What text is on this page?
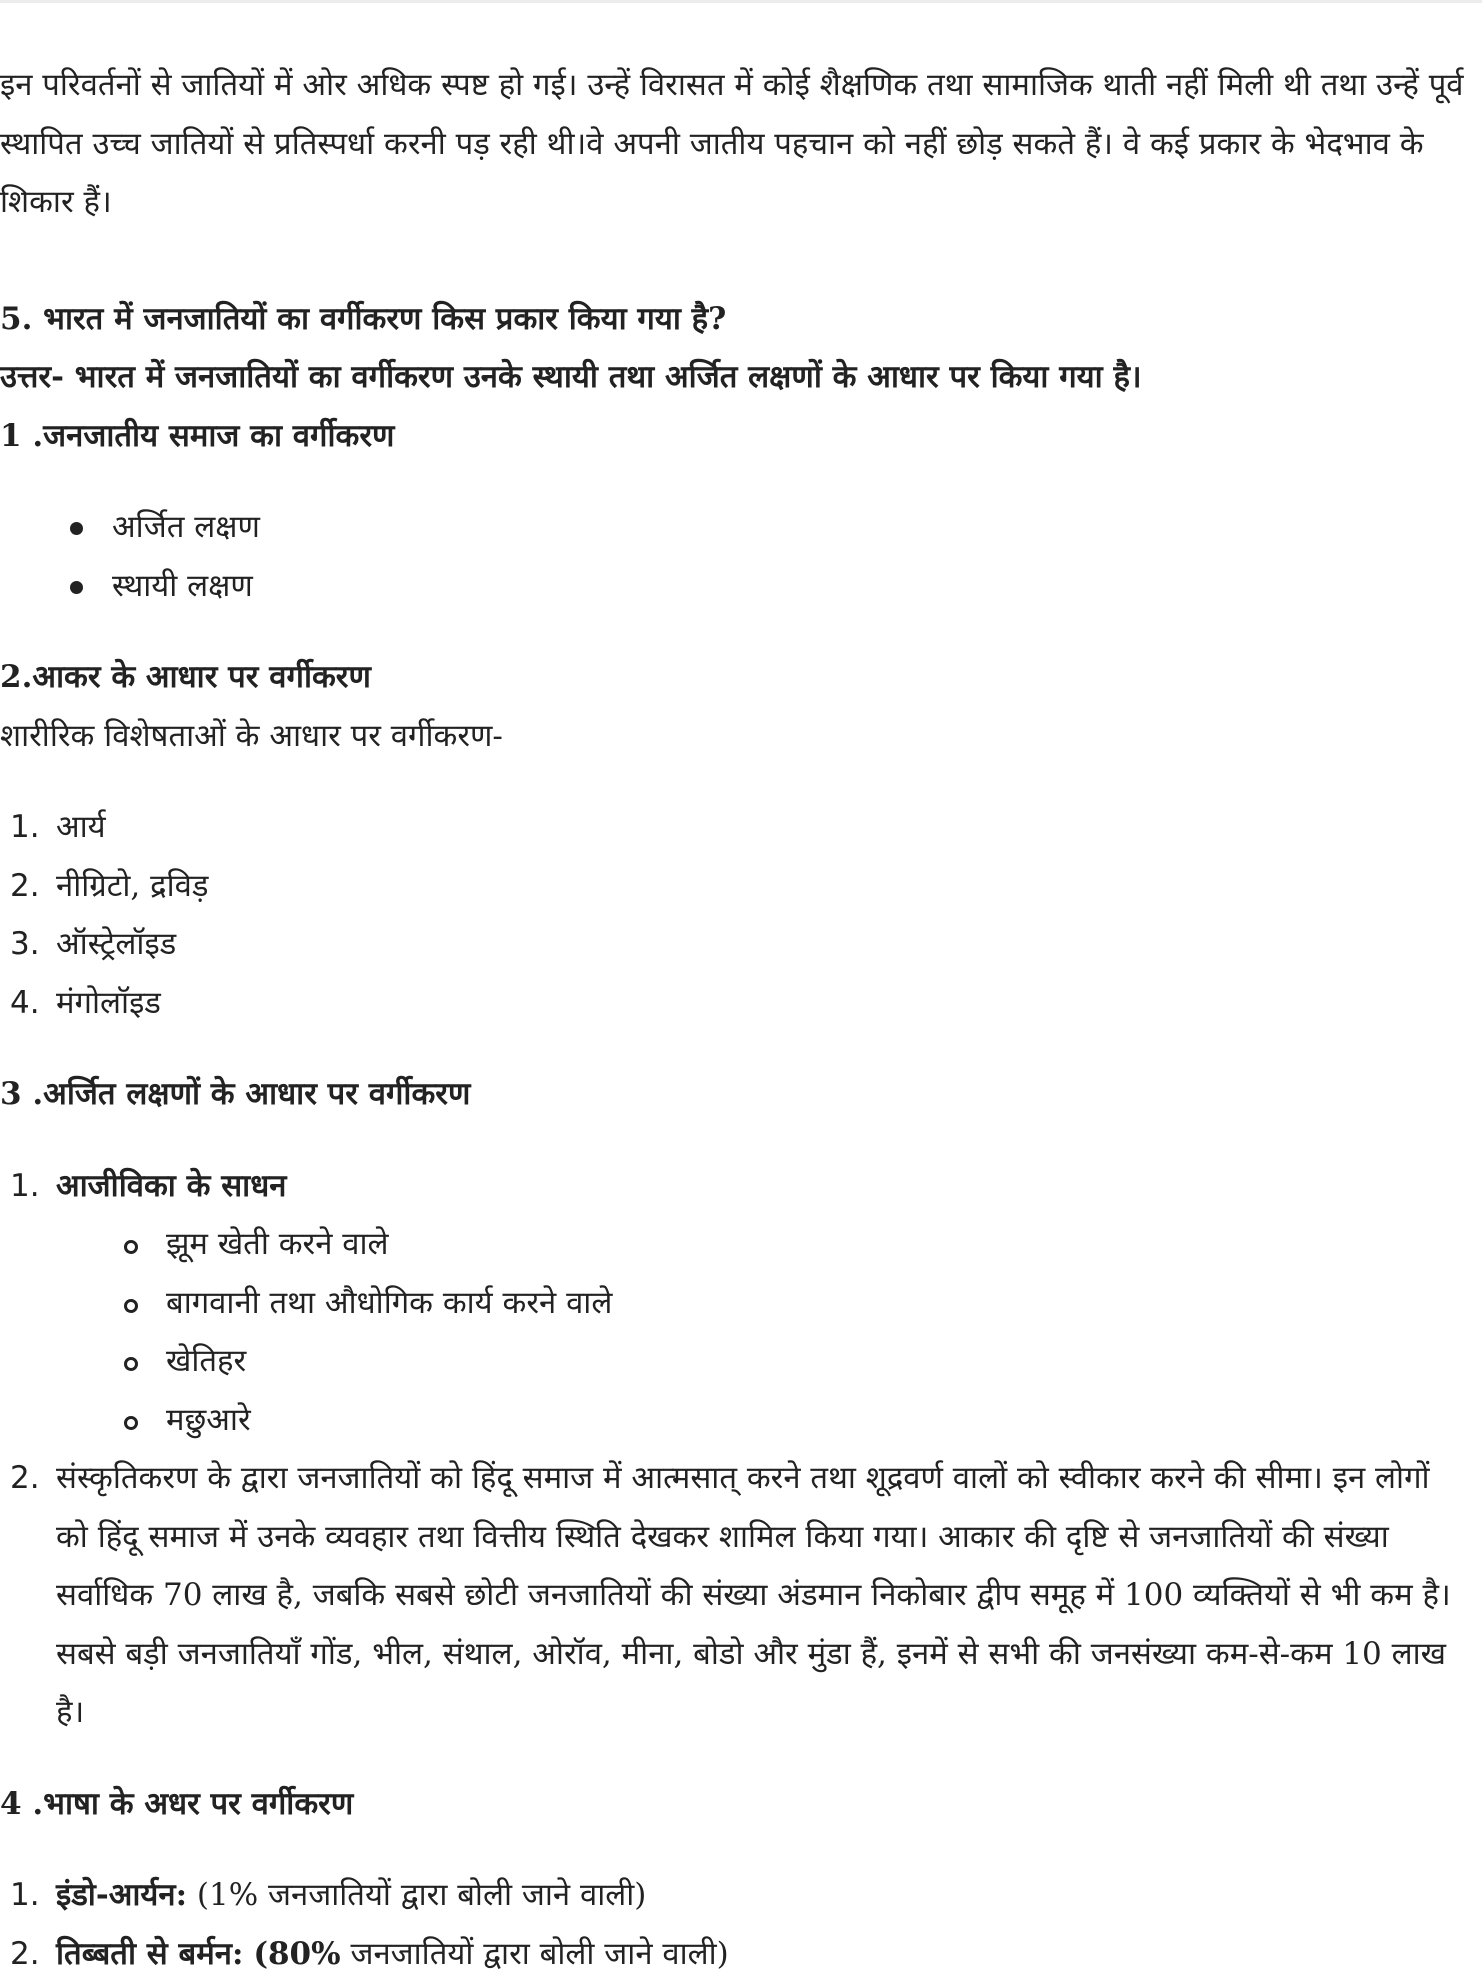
इन परिवर्तनों से जातियों में ओर अधिक स्पष्ट हो गई। उन्हें विरासत में कोई शैक्षणिक तथा सामाजिक थाती नहीं मिली थी तथा उन्हें पूर्व स्थापित उच्च जातियों से प्रतिस्पर्धा करनी पड़ रही थी।वे अपनी जातीय पहचान को नहीं छोड़ सकते हैं। वे कई प्रकार के भेदभाव के शिकार हैं।

5. भारत में जनजातियों का वर्गीकरण किस प्रकार किया गया है?

उत्तर- भारत में जनजातियों का वर्गीकरण उनके स्थायी तथा अर्जित लक्षणों के आधार पर किया गया है।

1 .जनजातीय समाज का वर्गीकरण

अर्जित लक्षण
स्थायी लक्षण

2.आकर के आधार पर वर्गीकरण

शारीरिक विशेषताओं के आधार पर वर्गीकरण-

1. आर्य
2. नीग्रिटो, द्रविड़
3. ऑस्ट्रेलॉइड
4. मंगोलॉइड

3 .अर्जित लक्षणों के आधार पर वर्गीकरण

1. आजीविका के साधन
झूम खेती करने वाले
बागवानी तथा औधोगिक कार्य करने वाले
खेतिहर
मछुआरे
2. संस्कृतिकरण के द्वारा जनजातियों को हिंदू समाज में आत्मसात् करने तथा शूद्रवर्ण वालों को स्वीकार करने की सीमा। इन लोगों को हिंदू समाज में उनके व्यवहार तथा वित्तीय स्थिति देखकर शामिल किया गया। आकार की दृष्टि से जनजातियों की संख्या सर्वाधिक 70 लाख है, जबकि सबसे छोटी जनजातियों की संख्या अंडमान निकोबार द्वीप समूह में 100 व्यक्तियों से भी कम है। सबसे बड़ी जनजातियाँ गोंड, भील, संथाल, ओरॉव, मीना, बोडो और मुंडा हैं, इनमें से सभी की जनसंख्या कम-से-कम 10 लाख है।

4 .भाषा के अधर पर वर्गीकरण

1. इंडो-आर्यन: (1% जनजातियों द्वारा बोली जाने वाली)
2. तिब्बती से बर्मन: (80% जनजातियों द्वारा बोली जाने वाली)
